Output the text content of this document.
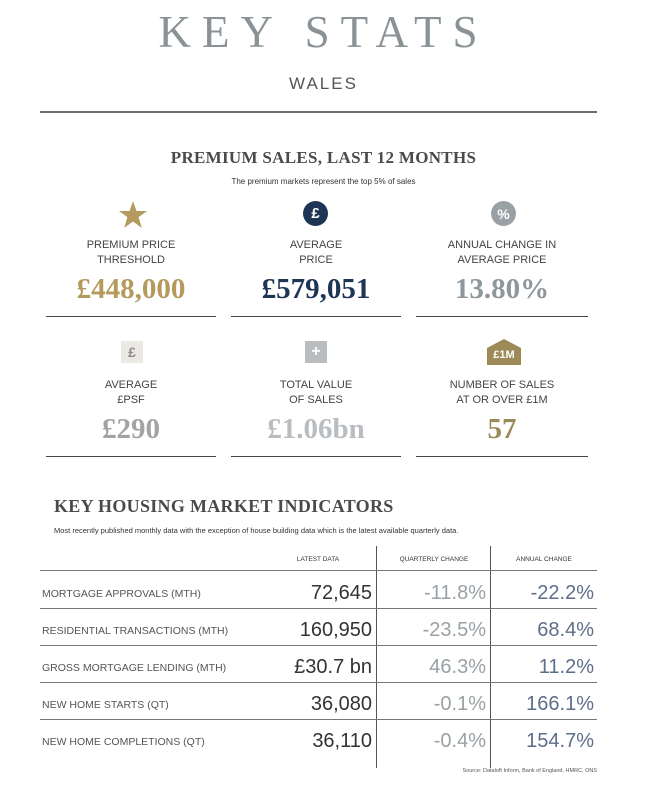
KEY STATS
WALES
PREMIUM SALES, LAST 12 MONTHS
The premium markets represent the top 5% of sales
£	%
PREMIUM PRICE
THRESHOLD
£448,000
AVERAGE
PRICE
£579,051
ANNUAL CHANGE IN
AVERAGE PRICE
13.80%
£	+	£1M
AVERAGE
£PSF
£290
TOTAL VALUE
OF SALES
£1.06bn
NUMBER OF SALES
AT OR OVER £1M
57
KEY HOUSING MARKET INDICATORS
Most recently published monthly data with the exception of house building data which is the latest available quarterly data.
LATEST DATA	QUARTERLY CHANGE	ANNUAL CHANGE
MORTGAGE APPROVALS (MTH)	72,645	-11.8%	-22.2%
RESIDENTIAL TRANSACTIONS (MTH)	160,950	-23.5%	68.4%
GROSS MORTGAGE LENDING (MTH)	£30.7 bn	46.3%	11.2%
NEW HOME STARTS (QT)	36,080	-0.1%	166.1%
NEW HOME COMPLETIONS (QT)	36,110	-0.4%	154.7%
Source: Dataloft Inform, Bank of England, HMRC, ONS
